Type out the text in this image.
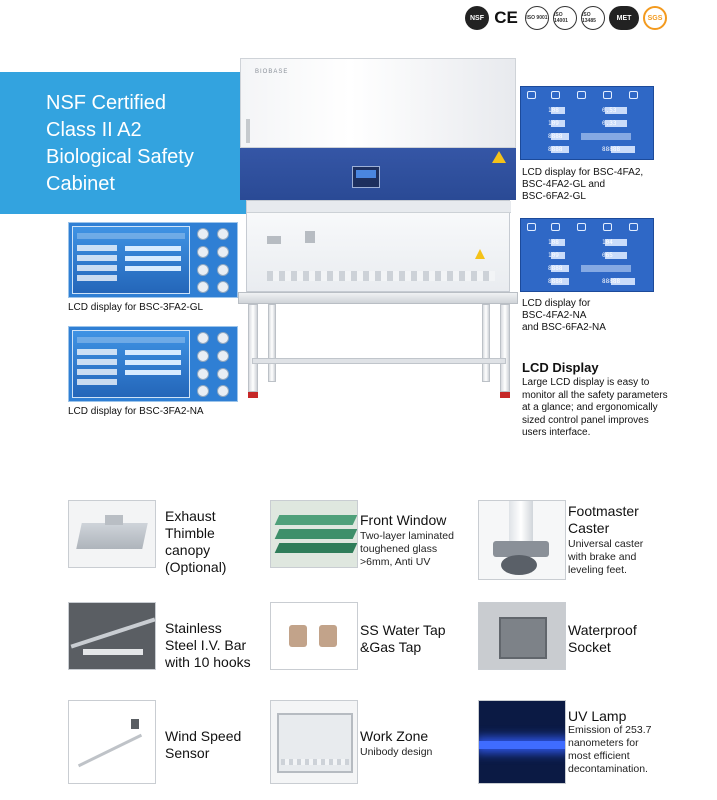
NSF CE ISO 9001 ISO 14001
ISO 13485	MET	SGS
NSF Certified
Class II A2
Biological Safety
Cabinet
BIOBASE
LCD display for BSC-3FA2-GL
LCD display for BSC-3FA2-NA
LCD display for BSC-4FA2,
BSC-4FA2-GL and
BSC-6FA2-GL
LCD display for
BSC-4FA2-NA
and BSC-6FA2-NA
108
109
8888
8888
0.53
0.33

88888
108
109
8888
8888
104
065

88888
LCD Display
Large LCD display is easy to
monitor all the safety parameters
at a glance; and ergonomically
sized control panel improves
users interface.
Exhaust
Thimble
canopy
(Optional)
Front Window
Two-layer laminated
toughened glass
>6mm, Anti UV
Footmaster
Caster
Universal caster
with brake and
leveling feet.
Stainless
Steel I.V. Bar
with 10 hooks
SS Water Tap
&Gas Tap
Waterproof
Socket
Wind Speed
Sensor
Work Zone
Unibody design
UV Lamp
Emission of 253.7
nanometers for
most efficient
decontamination.
